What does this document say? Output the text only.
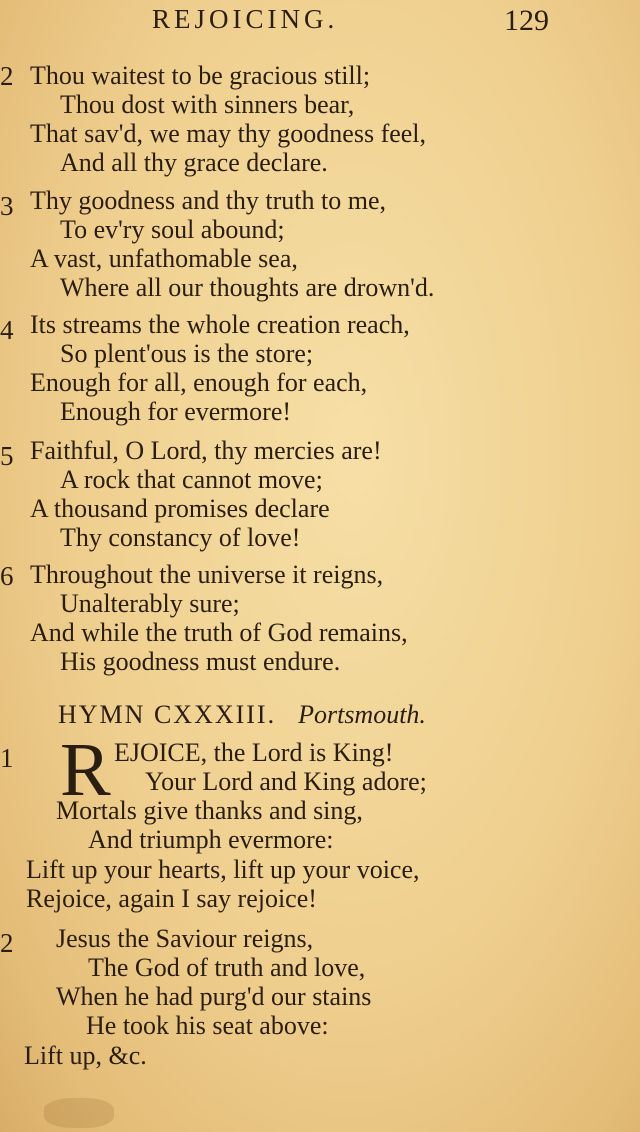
REJOICING.	129
2 Thou waitest to be gracious still;
Thou dost with sinners bear,
That sav'd, we may thy goodness feel,
And all thy grace declare.
3 Thy goodness and thy truth to me,
To ev'ry soul abound;
A vast, unfathomable sea,
Where all our thoughts are drown'd.
4 Its streams the whole creation reach,
So plent'ous is the store;
Enough for all, enough for each,
Enough for evermore!
5 Faithful, O Lord, thy mercies are!
A rock that cannot move;
A thousand promises declare
Thy constancy of love!
6 Throughout the universe it reigns,
Unalterably sure;
And while the truth of God remains,
His goodness must endure.
HYMN CXXXIII. Portsmouth.
1 R EJOICE, the Lord is King!
Your Lord and King adore;
Mortals give thanks and sing,
And triumph evermore:
Lift up your hearts, lift up your voice,
Rejoice, again I say rejoice!
2 Jesus the Saviour reigns,
The God of truth and love,
When he had purg'd our stains
He took his seat above:
Lift up, &c.
